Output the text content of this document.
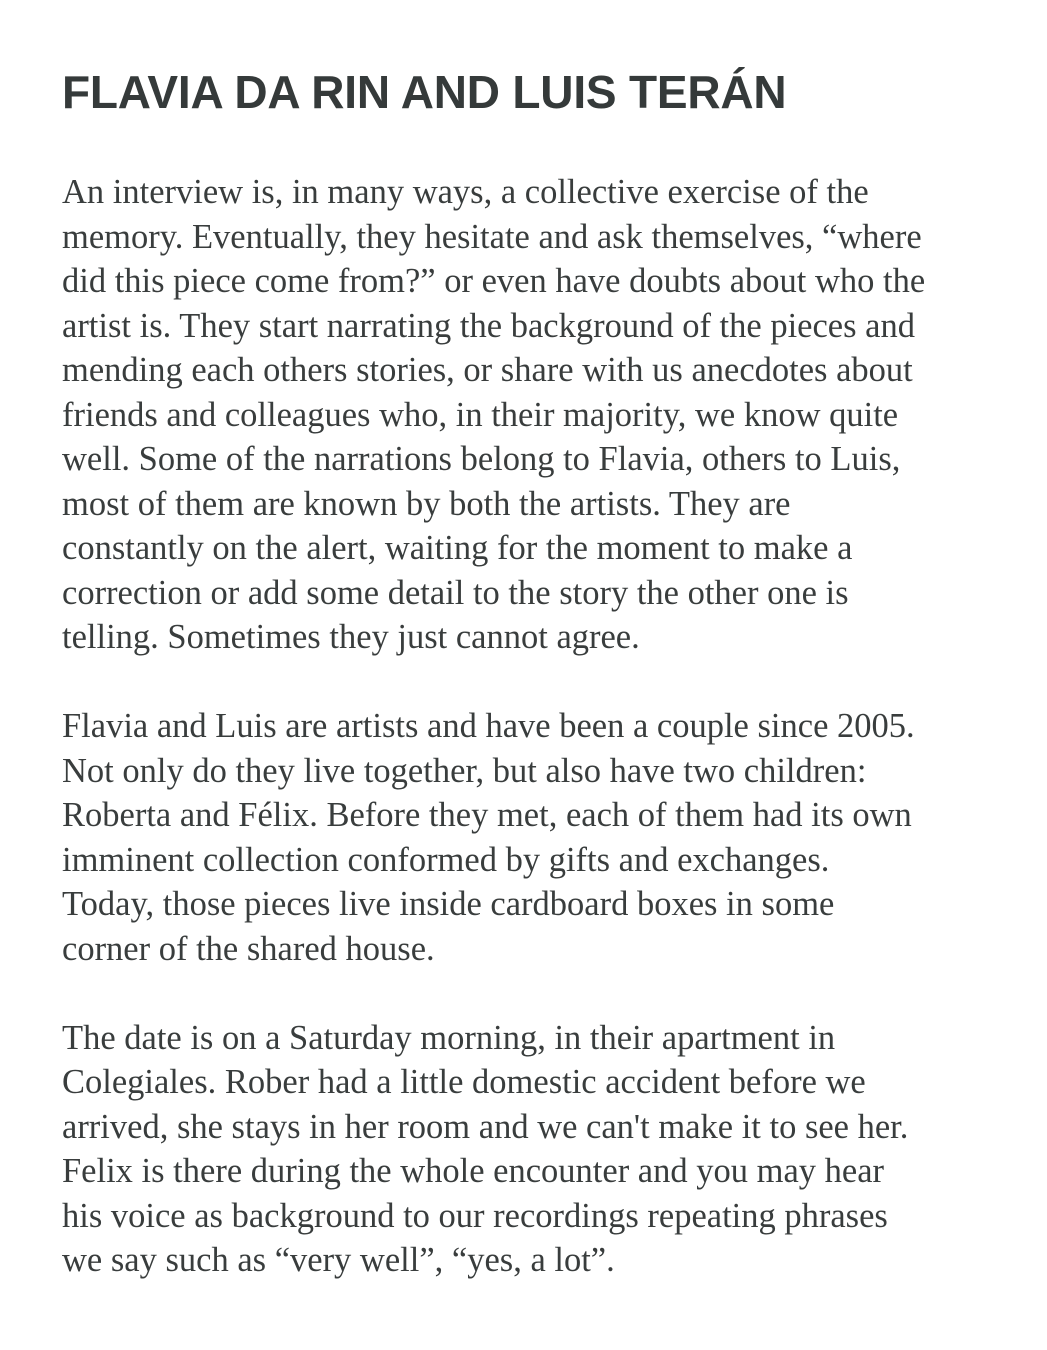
FLAVIA DA RIN AND LUIS TERÁN

An interview is, in many ways, a collective exercise of the
memory. Eventually, they hesitate and ask themselves, “where
did this piece come from?” or even have doubts about who the
artist is. They start narrating the background of the pieces and
mending each others stories, or share with us anecdotes about
friends and colleagues who, in their majority, we know quite
well. Some of the narrations belong to Flavia, others to Luis,
most of them are known by both the artists. They are
constantly on the alert, waiting for the moment to make a
correction or add some detail to the story the other one is
telling. Sometimes they just cannot agree.

Flavia and Luis are artists and have been a couple since 2005.
Not only do they live together, but also have two children:
Roberta and Félix. Before they met, each of them had its own
imminent collection conformed by gifts and exchanges.
Today, those pieces live inside cardboard boxes in some
corner of the shared house.

The date is on a Saturday morning, in their apartment in
Colegiales. Rober had a little domestic accident before we
arrived, she stays in her room and we can't make it to see her.
Felix is there during the whole encounter and you may hear
his voice as background to our recordings repeating phrases
we say such as “very well”, “yes, a lot”.
